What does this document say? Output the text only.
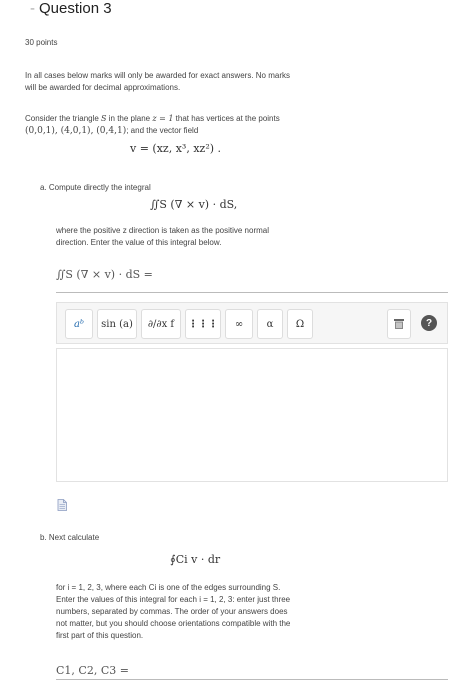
- Question 3
30 points
In all cases below marks will only be awarded for exact answers. No marks
will be awarded for decimal approximations.
Consider the triangle S in the plane z = 1 that has vertices at the points
(0,0,1), (4,0,1), (0,4,1); and the vector field
v = (xz, x³, xz²) .
a. Compute directly the integral
∬S (∇ × v) · dS,
where the positive z direction is taken as the positive normal
direction. Enter the value of this integral below.
∬S (∇ × v) · dS =
aᵇ	sin (a)	∂/∂x f	⋮⋮⋮	∞	α	Ω	?
b. Next calculate
∮Ci v · dr
for i = 1, 2, 3, where each Ci is one of the edges surrounding S.
Enter the values of this integral for each i = 1, 2, 3: enter just three
numbers, separated by commas. The order of your answers does
not matter, but you should choose orientations compatible with the
first part of this question.
C1, C2, C3 =
